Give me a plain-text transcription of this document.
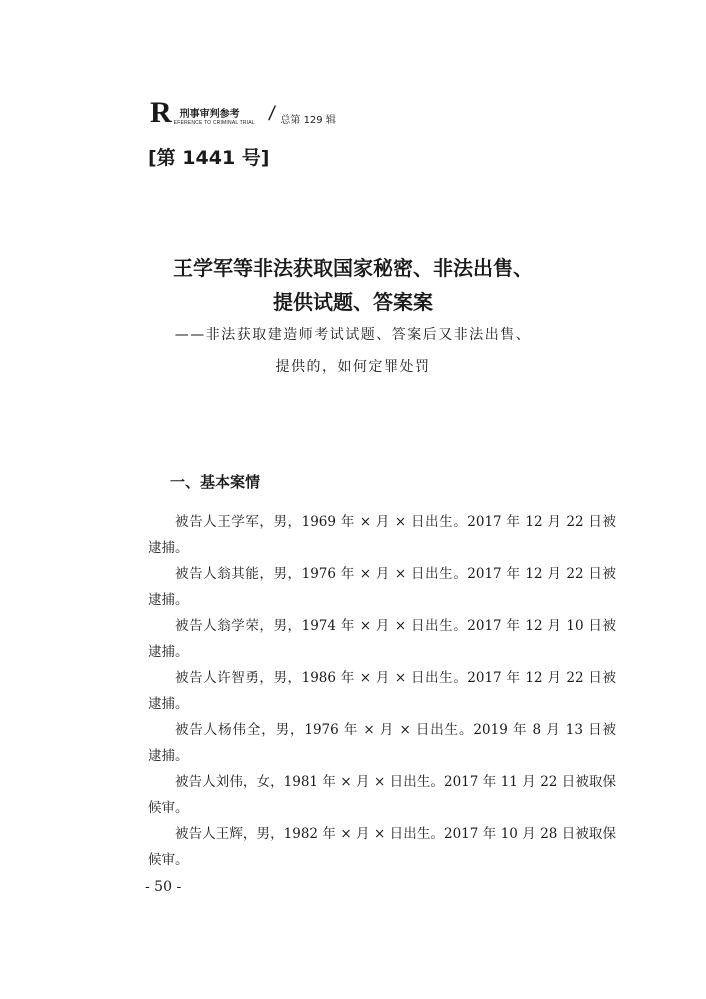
R 刑事审判参考
EFERENCE TO CRIMINAL TRIAL / 总第 129 辑
[第 1441 号]
王学军等非法获取国家秘密、非法出售、
提供试题、答案案
——非法获取建造师考试试题、答案后又非法出售、
提供的，如何定罪处罚
一、基本案情
被告人王学军，男，1969 年 × 月 × 日出生。2017 年 12 月 22 日被
逮捕。
被告人翁其能，男，1976 年 × 月 × 日出生。2017 年 12 月 22 日被
逮捕。
被告人翁学荣，男，1974 年 × 月 × 日出生。2017 年 12 月 10 日被
逮捕。
被告人许智勇，男，1986 年 × 月 × 日出生。2017 年 12 月 22 日被
逮捕。
被告人杨伟全，男，1976 年 × 月 × 日出生。2019 年 8 月 13 日被
逮捕。
被告人刘伟，女，1981 年 × 月 × 日出生。2017 年 11 月 22 日被取保
候审。
被告人王辉，男，1982 年 × 月 × 日出生。2017 年 10 月 28 日被取保
候审。
- 50 -
